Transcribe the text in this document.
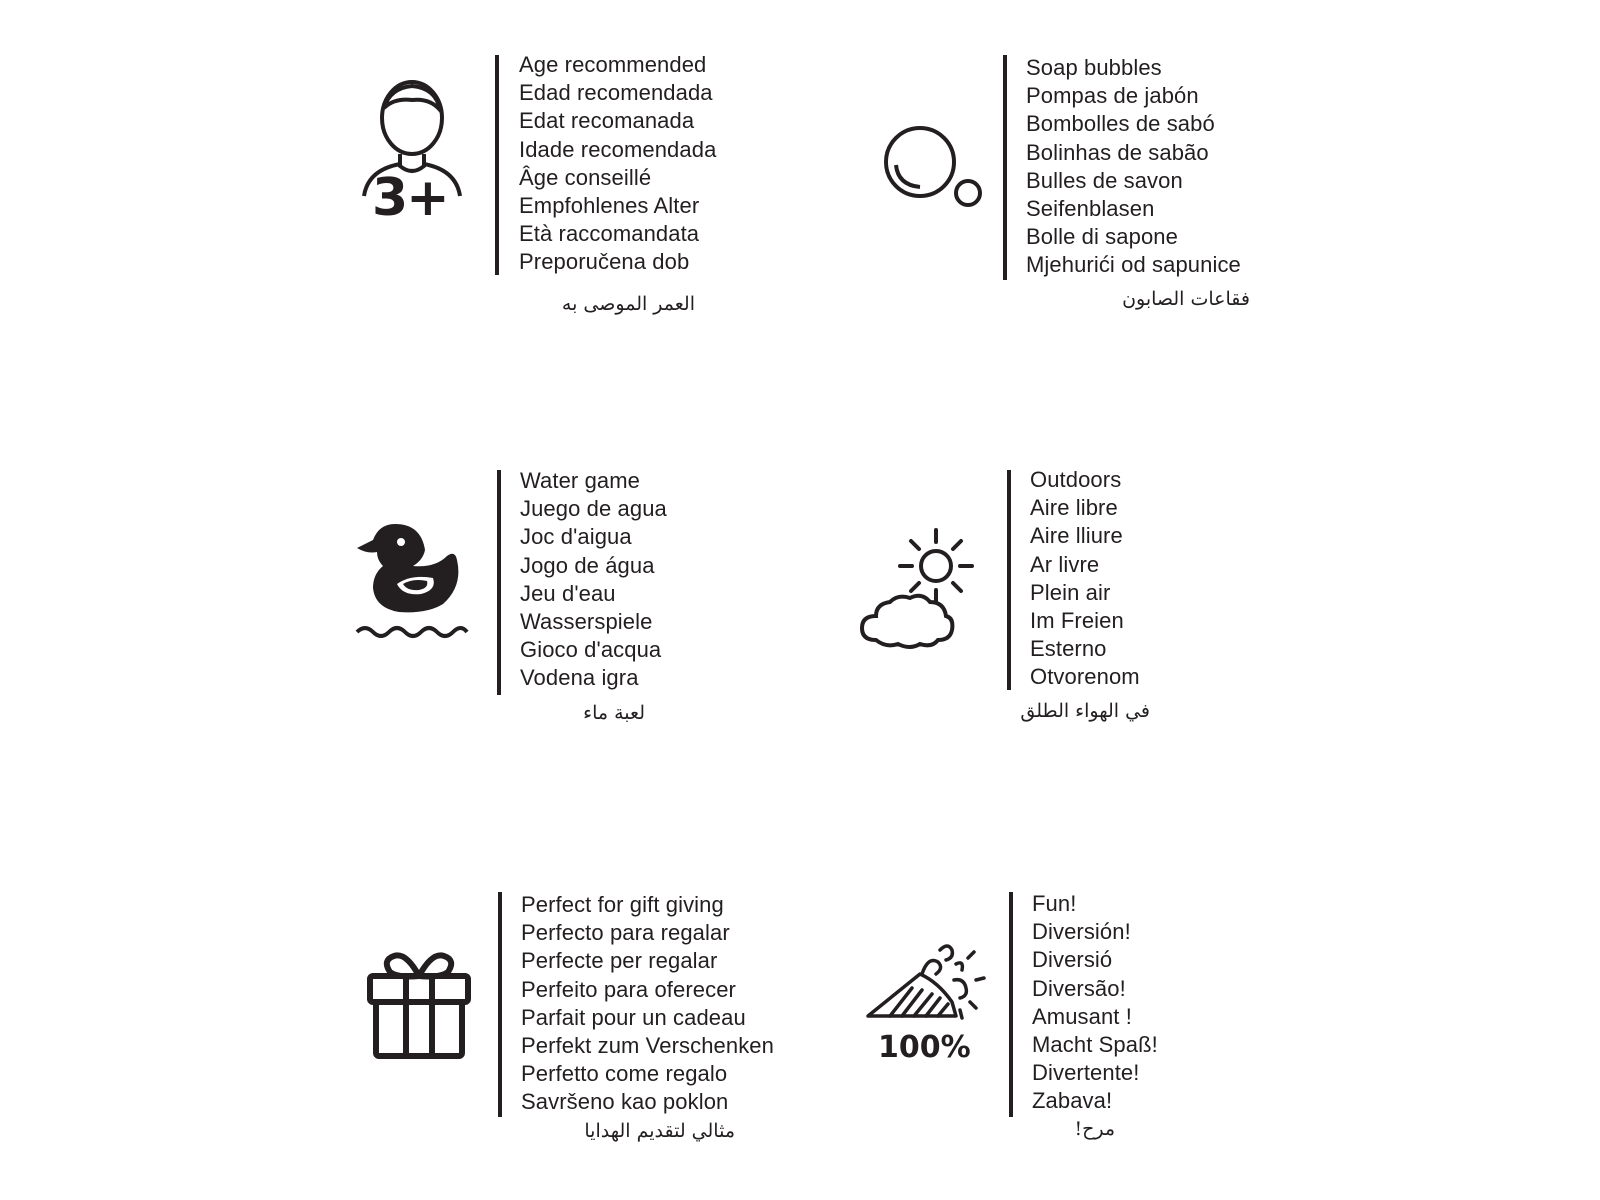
3+
Age recommended
Edad recomendada
Edat recomanada
Idade recomendada
Âge conseillé
Empfohlenes Alter
Età raccomandata
Preporučena dob
العمر الموصى به
Soap bubbles
Pompas de jabón
Bombolles de sabó
Bolinhas de sabão
Bulles de savon
Seifenblasen
Bolle di sapone
Mjehurići od sapunice
فقاعات الصابون
Water game
Juego de agua
Joc d'aigua
Jogo de água
Jeu d'eau
Wasserspiele
Gioco d'acqua
Vodena igra
لعبة ماء
Outdoors
Aire libre
Aire lliure
Ar livre
Plein air
Im Freien
Esterno
Otvorenom
في الهواء الطلق
Perfect for gift giving
Perfecto para regalar
Perfecte per regalar
Perfeito para oferecer
Parfait pour un cadeau
Perfekt zum Verschenken
Perfetto come regalo
Savršeno kao poklon
مثالي لتقديم الهدايا
100%
Fun!
Diversión!
Diversió
Diversão!
Amusant !
Macht Spaß!
Divertente!
Zabava!
مرح!
